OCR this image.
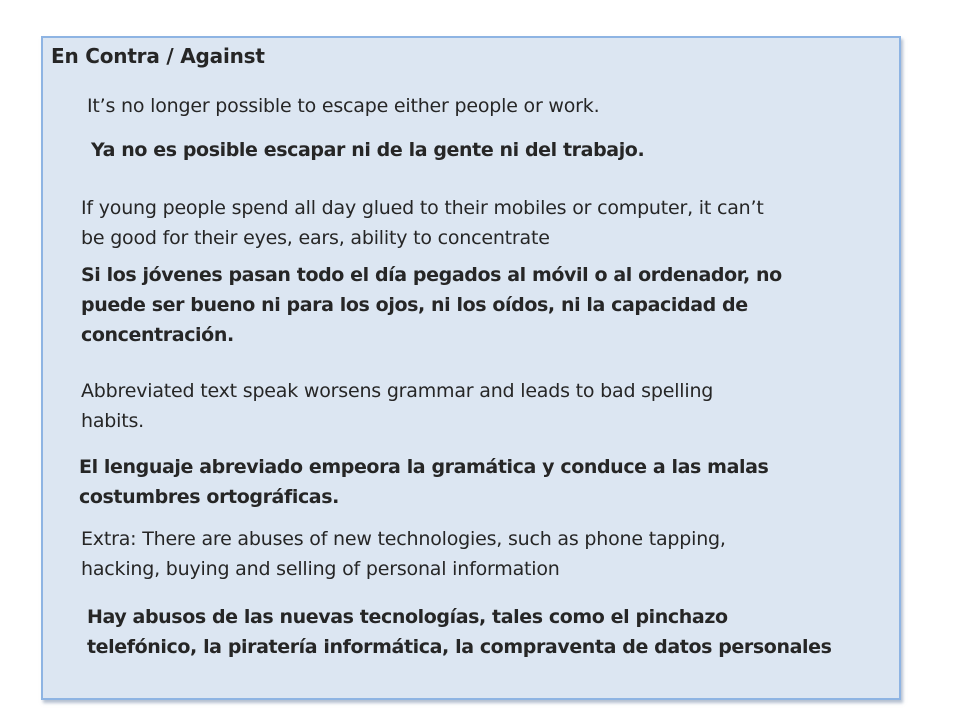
En Contra / Against
It’s no longer possible to escape either people or work.
Ya no es posible escapar ni de la gente ni del trabajo.
If young people spend all day glued to their mobiles or computer, it can’t
be good for their eyes, ears, ability to concentrate
Si los jóvenes pasan todo el día pegados al móvil o al ordenador, no
puede ser bueno ni para los ojos, ni los oídos, ni la capacidad de
concentración.
Abbreviated text speak worsens grammar and leads to bad spelling
habits.
El lenguaje abreviado empeora la gramática y conduce a las malas
costumbres ortográficas.
Extra: There are abuses of new technologies, such as phone tapping,
hacking, buying and selling of personal information
Hay abusos de las nuevas tecnologías, tales como el pinchazo
telefónico, la piratería informática, la compraventa de datos personales
